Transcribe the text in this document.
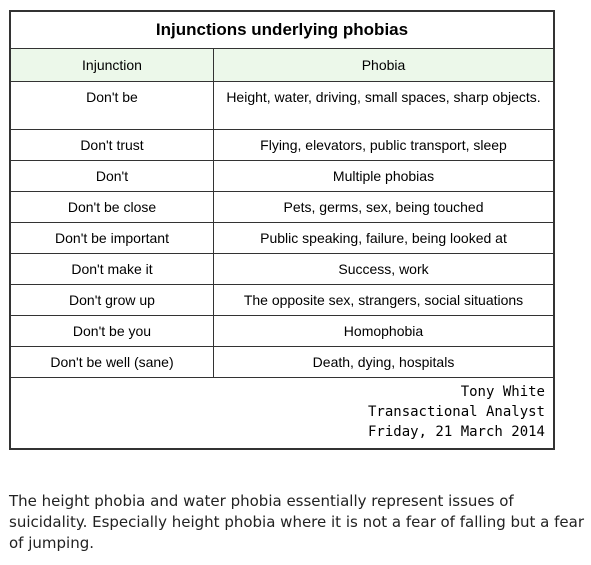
Injunctions underlying phobias	
Injunction	Phobia
Don't be	Height, water, driving, small spaces, sharp objects.
Don't trust	Flying, elevators, public transport, sleep
Don't	Multiple phobias
Don't be close	Pets, germs, sex, being touched
Don't be important	Public speaking, failure, being looked at
Don't make it	Success, work
Don't grow up	The opposite sex, strangers, social situations
Don't be you	Homophobia
Don't be well (sane)	Death, dying, hospitals
Tony White
Transactional Analyst
Friday, 21 March 2014
The height phobia and water phobia essentially represent issues of suicidality. Especially height phobia where it is not a fear of falling but a fear of jumping.
